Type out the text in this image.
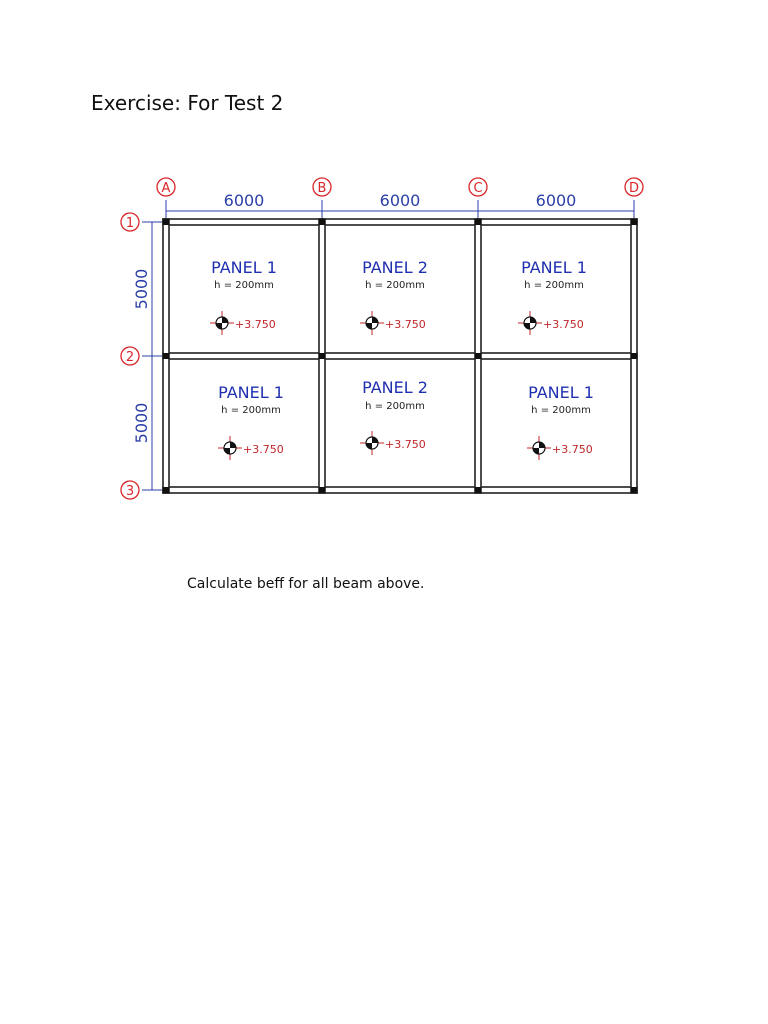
Exercise: For Test 2
A	B	C	D
1
2
3
6000	6000	6000
5000
5000
PANEL 1
h = 200mm
+3.750
PANEL 2
h = 200mm
+3.750
PANEL 1
h = 200mm
+3.750
PANEL 1
h = 200mm
+3.750
PANEL 2
h = 200mm
+3.750
PANEL 1
h = 200mm
+3.750

Calculate beff for all beam above.
